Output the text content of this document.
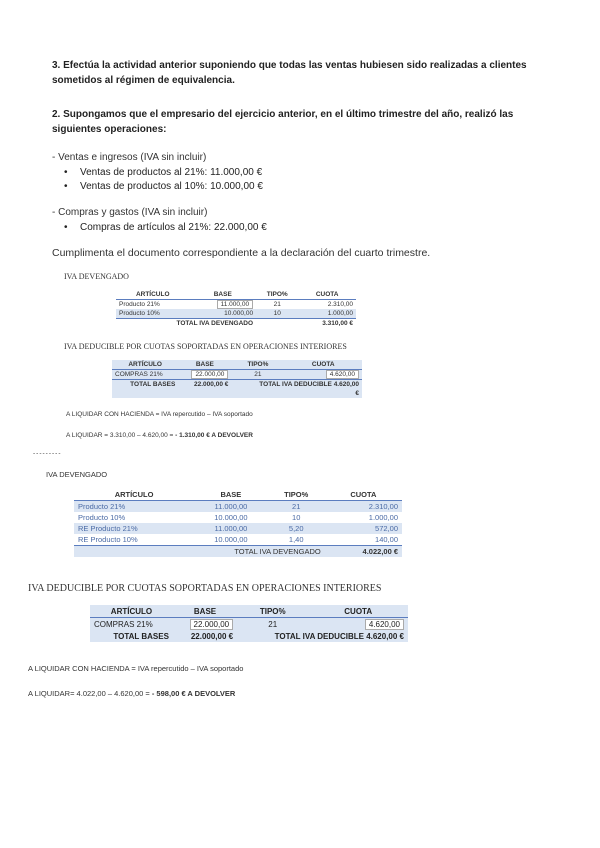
3. Efectúa la actividad anterior suponiendo que todas las ventas hubiesen sido realizadas a clientes sometidos al régimen de equivalencia.
2. Supongamos que el empresario del ejercicio anterior, en el último trimestre del año, realizó las siguientes operaciones:
- Ventas e ingresos (IVA sin incluir)
• Ventas de productos al 21%: 11.000,00 €
• Ventas de productos al 10%: 10.000,00 €
- Compras y gastos (IVA sin incluir)
• Compras de artículos al 21%: 22.000,00 €
Cumplimenta el documento correspondiente a la declaración del cuarto trimestre.
IVA DEVENGADO
ARTÍCULO	BASE	TIPO%	CUOTA
Producto 21%	11.000,00	21	2.310,00
Producto 10%	10.000,00	10	1.000,00
TOTAL IVA DEVENGADO			3.310,00 €
IVA DEDUCIBLE POR CUOTAS SOPORTADAS EN OPERACIONES INTERIORES
ARTÍCULO	BASE	TIPO%	CUOTA
COMPRAS 21%	22.000,00	21	4.620,00
TOTAL BASES	22.000,00 €	TOTAL IVA DEDUCIBLE 4.620,00	
€			
A LIQUIDAR CON HACIENDA = IVA repercutido – IVA soportado
A LIQUIDAR = 3.310,00 – 4.620,00 = - 1.310,00 € A DEVOLVER
---------
IVA DEVENGADO
ARTÍCULO	BASE	TIPO%	CUOTA
Producto 21%	11.000,00	21	2.310,00
Producto 10%	10.000,00	10	1.000,00
RE Producto 21%	11.000,00	5,20	572,00
RE Producto 10%	10.000,00	1,40	140,00
TOTAL IVA DEVENGADO			4.022,00 €
IVA DEDUCIBLE POR CUOTAS SOPORTADAS EN OPERACIONES INTERIORES
ARTÍCULO	BASE	TIPO%	CUOTA
COMPRAS 21%	22.000,00	21	4.620,00
TOTAL BASES	22.000,00 €	TOTAL IVA DEDUCIBLE 4.620,00 €	
A LIQUIDAR CON HACIENDA = IVA repercutido – IVA soportado
A LIQUIDAR= 4.022,00 – 4.620,00 = - 598,00 € A DEVOLVER
